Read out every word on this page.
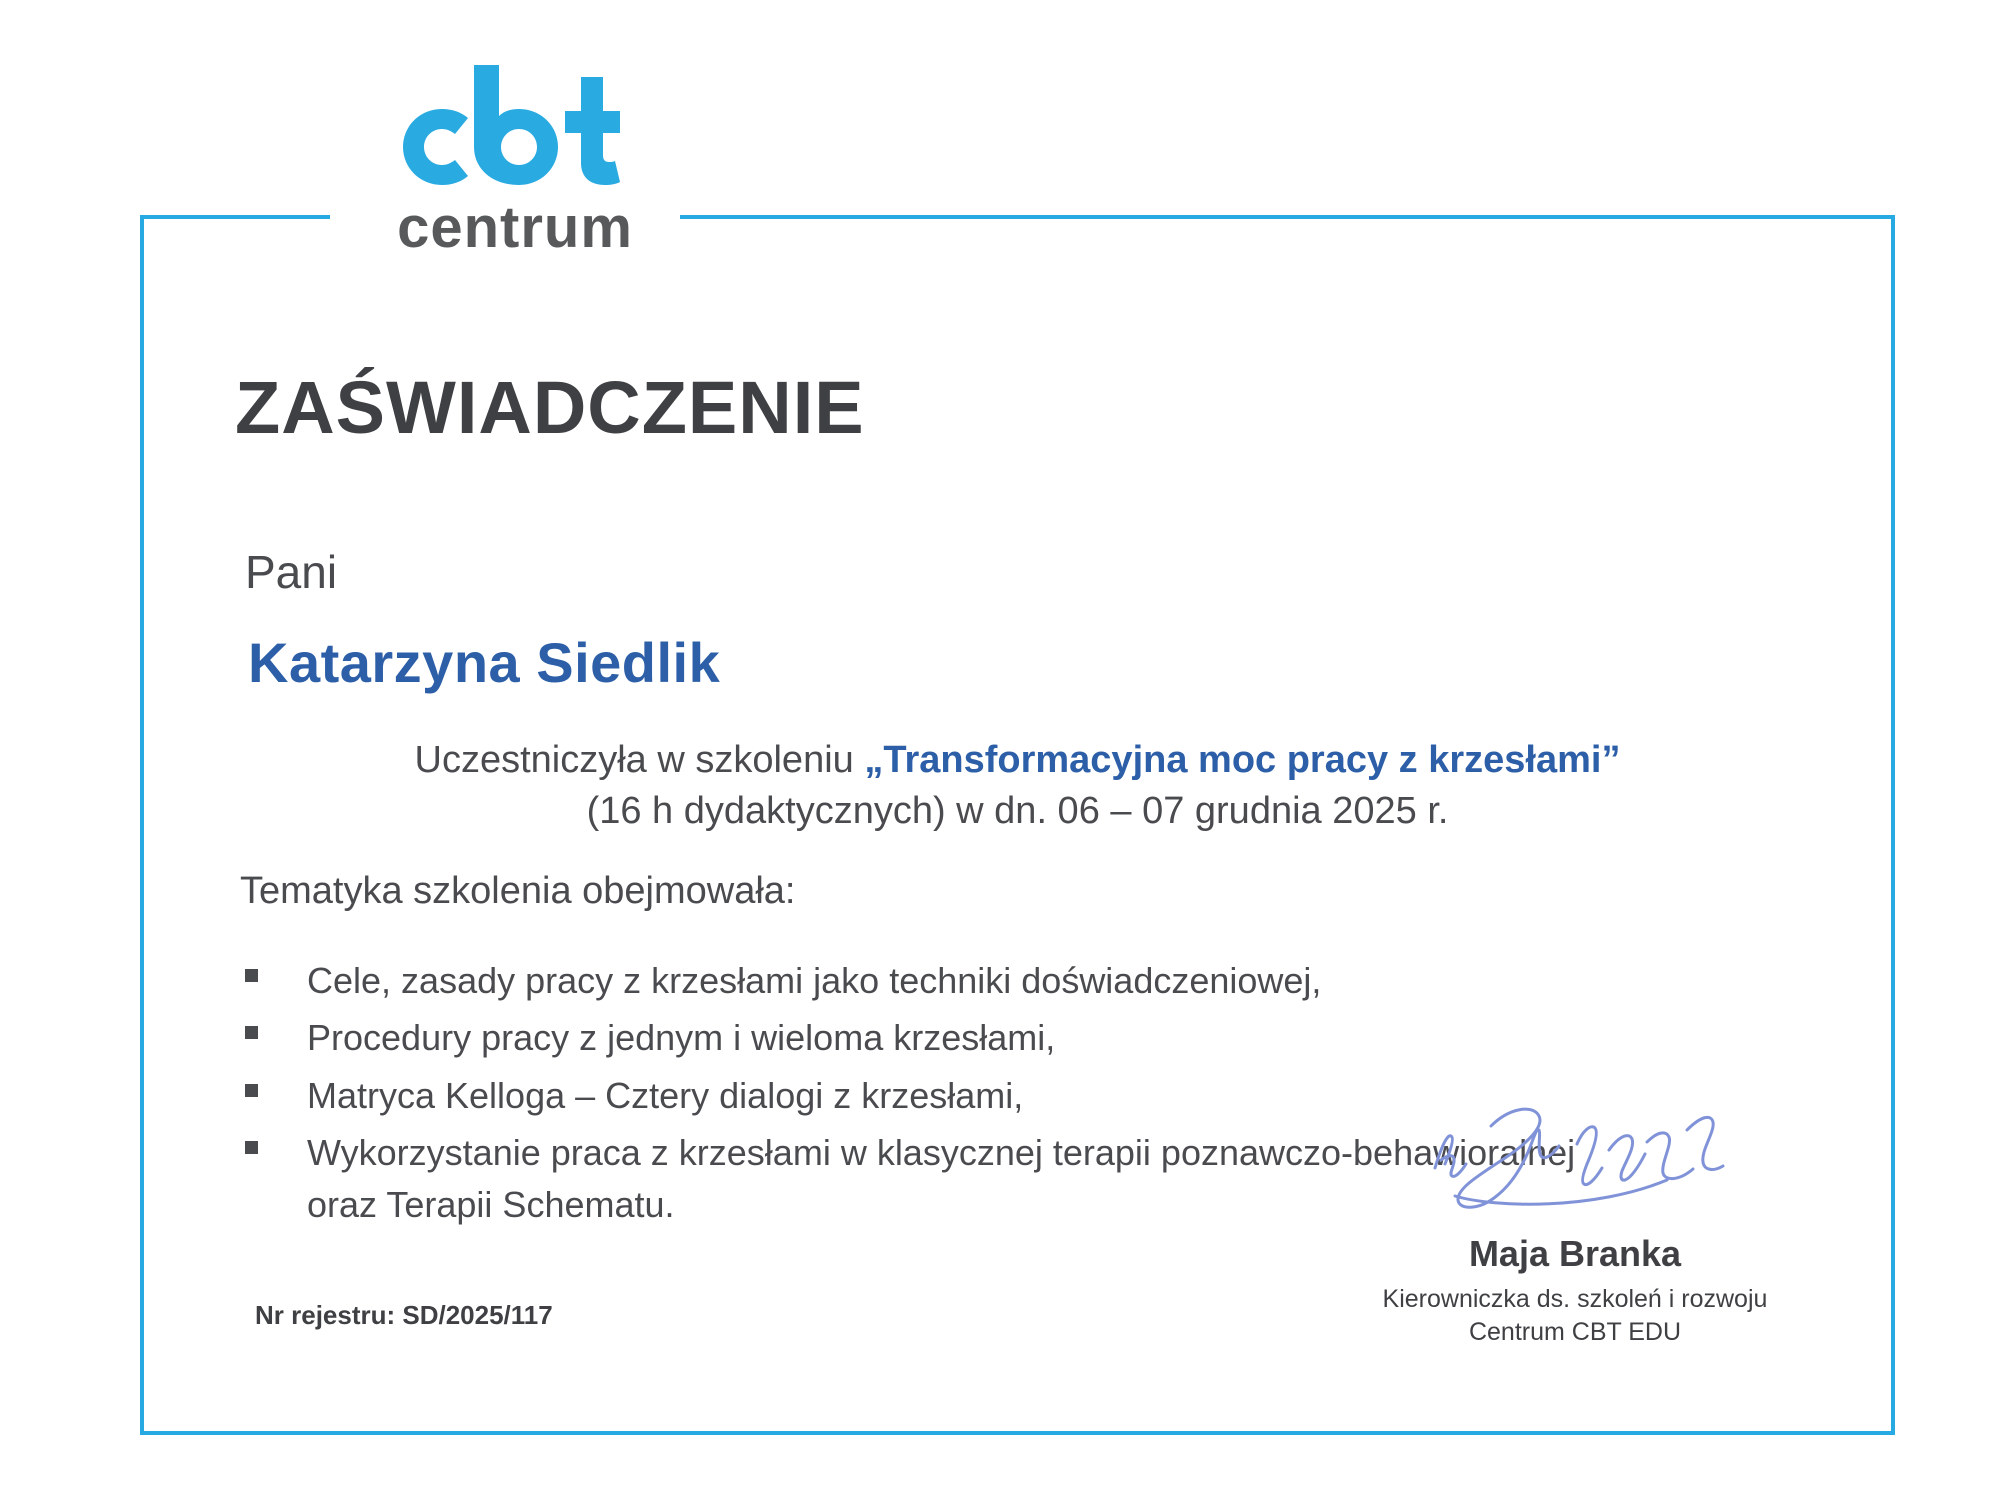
centrum
ZAŚWIADCZENIE
Pani
Katarzyna Siedlik
Uczestniczyła w szkoleniu „Transformacyjna moc pracy z krzesłami”
(16 h dydaktycznych) w dn. 06 – 07 grudnia 2025 r.
Tematyka szkolenia obejmowała:
Cele, zasady pracy z krzesłami jako techniki doświadczeniowej,
Procedury pracy z jednym i wieloma krzesłami,
Matryca Kelloga – Cztery dialogi z krzesłami,
Wykorzystanie praca z krzesłami w klasycznej terapii poznawczo-behawioralnej oraz Terapii Schematu.
Nr rejestru: SD/2025/117
Maja Branka
Kierowniczka ds. szkoleń i rozwoju
Centrum CBT EDU
